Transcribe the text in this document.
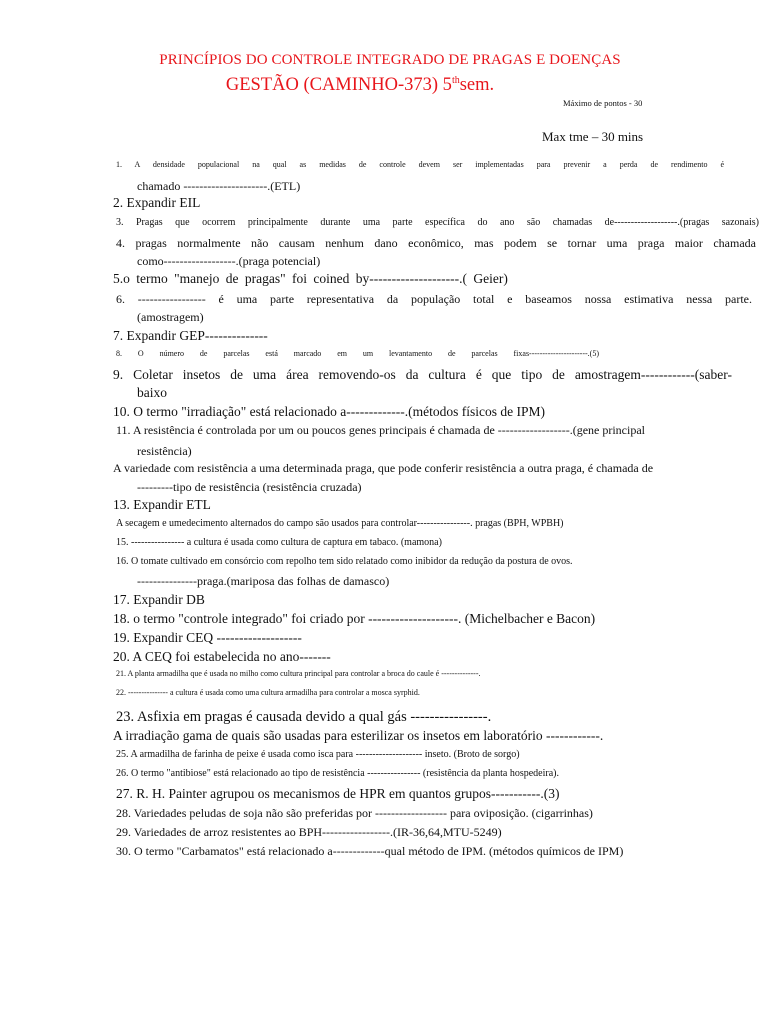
PRINCÍPIOS DO CONTROLE INTEGRADO DE PRAGAS E DOENÇAS
GESTÃO (CAMINHO-373) 5thsem.
Máximo de pontos - 30
Max tme – 30 mins
1. A densidade populacional na qual as medidas de controle devem ser implementadas para prevenir a perda de rendimento é
chamado ---------------------.(ETL)
2. Expandir EIL
3. Pragas que ocorrem principalmente durante uma parte específica do ano são chamadas de-------------------.(pragas sazonais)
4. pragas normalmente não causam nenhum dano econômico, mas podem se tornar uma praga maior chamada
como------------------.(praga potencial)
5.o termo "manejo de pragas" foi coined by--------------------.( Geier)
6. ----------------- é uma parte representativa da população total e baseamos nossa estimativa nessa parte.
(amostragem)
7. Expandir GEP--------------
8. O número de parcelas está marcado em um levantamento de parcelas fixas----------------------.(5)
9. Coletar insetos de uma área removendo-os da cultura é que tipo de amostragem------------(saber-
baixo
10. O termo "irradiação" está relacionado a-------------.(métodos físicos de IPM)
11. A resistência é controlada por um ou poucos genes principais é chamada de ------------------.(gene principal
resistência)
A variedade com resistência a uma determinada praga, que pode conferir resistência a outra praga, é chamada de
---------tipo de resistência (resistência cruzada)
13. Expandir ETL
A secagem e umedecimento alternados do campo são usados para controlar----------------. pragas (BPH, WPBH)
15. ---------------- a cultura é usada como cultura de captura em tabaco. (mamona)
16. O tomate cultivado em consórcio com repolho tem sido relatado como inibidor da redução da postura de ovos.
---------------praga.(mariposa das folhas de damasco)
17. Expandir DB
18. o termo "controle integrado" foi criado por --------------------. (Michelbacher e Bacon)
19. Expandir CEQ -------------------
20. A CEQ foi estabelecida no ano-------
21. A planta armadilha que é usada no milho como cultura principal para controlar a broca do caule é --------------.
22. --------------- a cultura é usada como uma cultura armadilha para controlar a mosca syrphid.
23. Asfixia em pragas é causada devido a qual gás ----------------.
A irradiação gama de quais são usadas para esterilizar os insetos em laboratório ------------.
25. A armadilha de farinha de peixe é usada como isca para -------------------- inseto. (Broto de sorgo)
26. O termo "antibiose" está relacionado ao tipo de resistência ---------------- (resistência da planta hospedeira).
27. R. H. Painter agrupou os mecanismos de HPR em quantos grupos-----------.(3)
28. Variedades peludas de soja não são preferidas por ------------------ para oviposição. (cigarrinhas)
29. Variedades de arroz resistentes ao BPH-----------------.(IR-36,64,MTU-5249)
30. O termo "Carbamatos" está relacionado a-------------qual método de IPM. (métodos químicos de IPM)
